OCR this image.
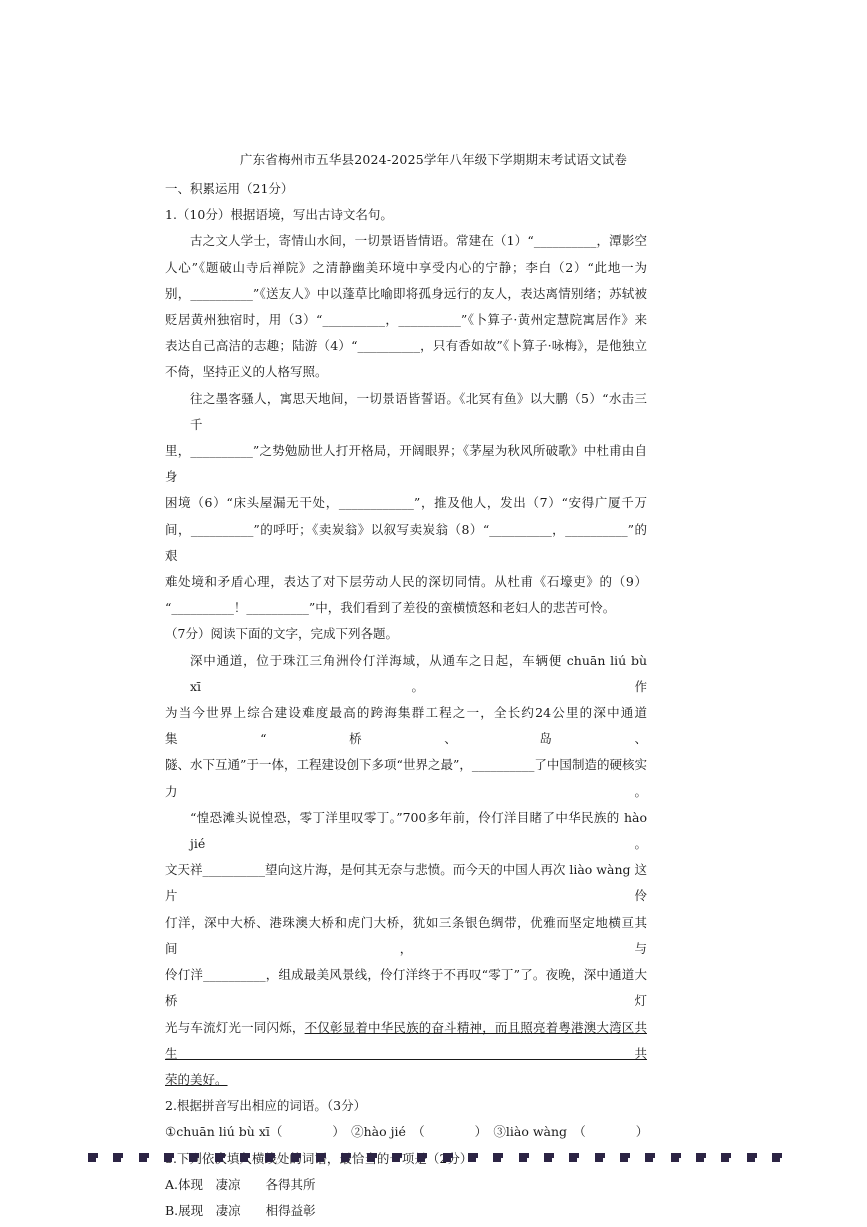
广东省梅州市五华县2024-2025学年八年级下学期期末考试语文试卷
一、积累运用（21分）
1.（10分）根据语境，写出古诗文名句。
古之文人学士，寄情山水间，一切景语皆情语。常建在（1）“__________，潭影空
人心”《题破山寺后禅院》之清静幽美环境中享受内心的宁静；李白（2）“此地一为
别，__________”《送友人》中以蓬草比喻即将孤身远行的友人，表达离情别绪；苏轼被
贬居黄州独宿时，用（3）“__________，__________”《卜算子·黄州定慧院寓居作》来
表达自己高洁的志趣；陆游（4）“__________，只有香如故”《卜算子·咏梅》，是他独立
不倚，坚持正义的人格写照。
往之墨客骚人，寓思天地间，一切景语皆誓语。《北冥有鱼》以大鹏（5）“水击三千
里，__________”之势勉励世人打开格局，开阔眼界；《茅屋为秋风所破歌》中杜甫由自身
困境（6）“床头屋漏无干处，____________”，推及他人，发出（7）“安得广厦千万
间，__________”的呼吁；《卖炭翁》以叙写卖炭翁（8）“__________，__________”的艰
难处境和矛盾心理，表达了对下层劳动人民的深切同情。从杜甫《石壕吏》的（9）
“__________！__________”中，我们看到了差役的蛮横愤怒和老妇人的悲苦可怜。
（7分）阅读下面的文字，完成下列各题。
深中通道，位于珠江三角洲伶仃洋海域，从通车之日起，车辆便 chuān liú bù xī。作
为当今世界上综合建设难度最高的跨海集群工程之一，全长约24公里的深中通道集“桥、岛、
隧、水下互通”于一体，工程建设创下多项“世界之最”，__________了中国制造的硬核实力。
“惶恐滩头说惶恐，零丁洋里叹零丁。”700多年前，伶仃洋目睹了中华民族的 hào jié。
文天祥__________望向这片海，是何其无奈与悲愤。而今天的中国人再次 liào wàng 这片伶
仃洋，深中大桥、港珠澳大桥和虎门大桥，犹如三条银色绸带，优雅而坚定地横亘其间，与
伶仃洋__________，组成最美风景线，伶仃洋终于不再叹“零丁”了。夜晚，深中通道大桥灯
光与车流灯光一同闪烁，不仅彰显着中华民族的奋斗精神，而且照亮着粤港澳大湾区共生共
荣的美好。
2.根据拼音写出相应的词语。（3分）
①chuān liú bù xī（　　　　）　②hào jié　（　　　　）　③liào wàng　（　　　　）
A.体现　凄凉　　各得其所
B.展现　凄凉　　相得益彰
